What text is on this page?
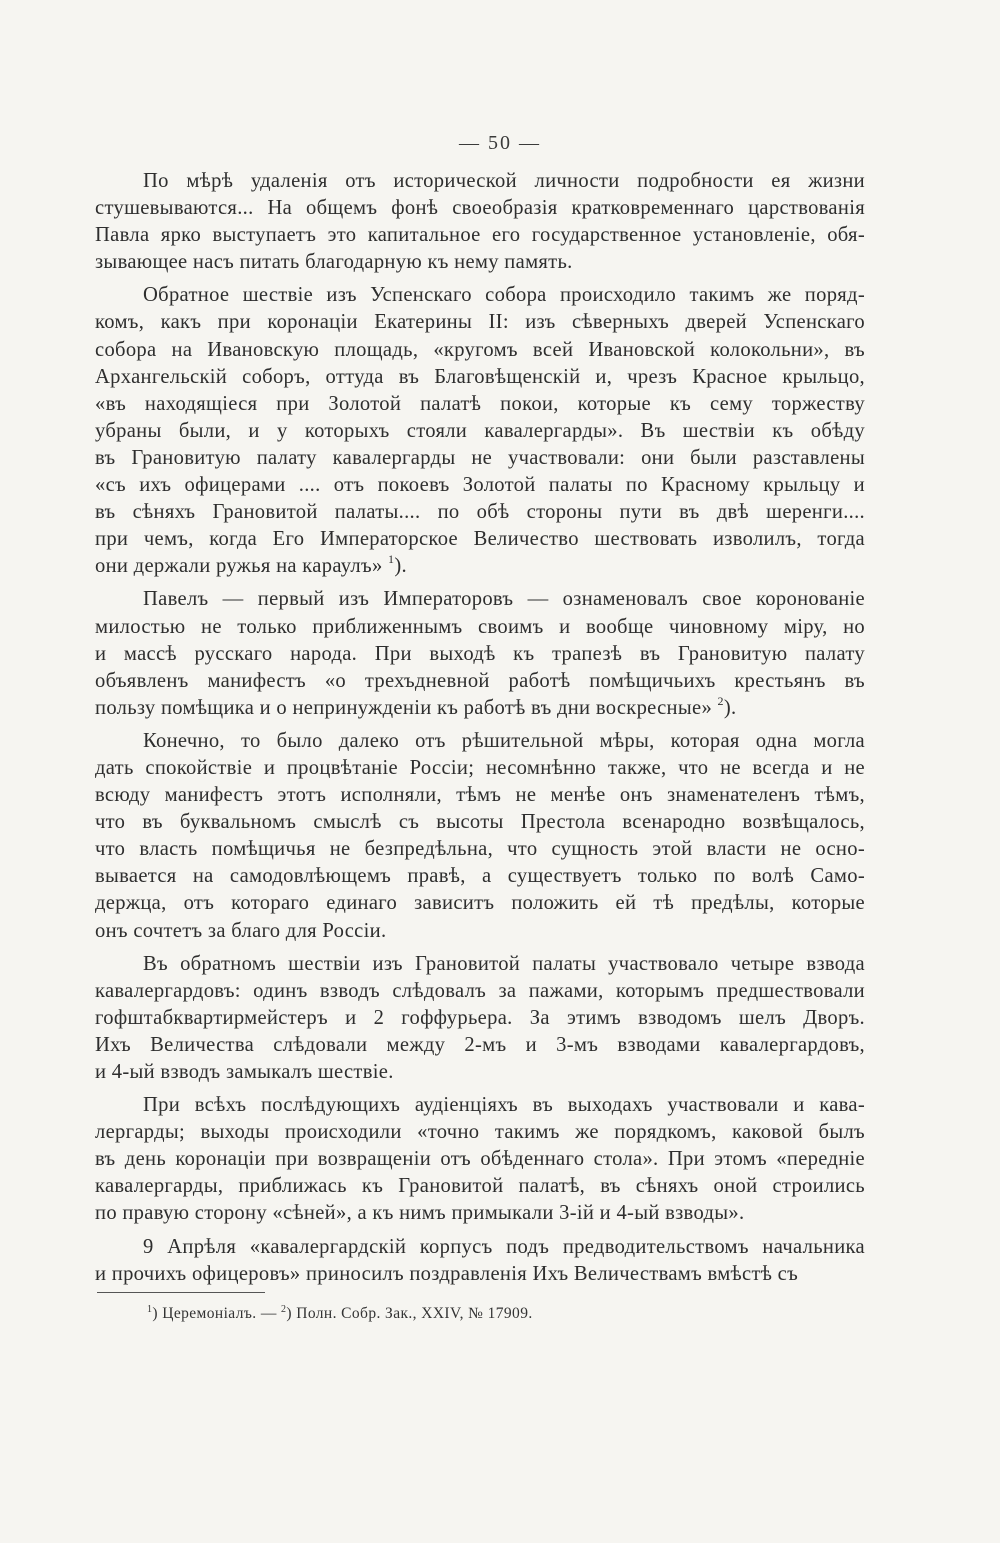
— 50 —

По мѣрѣ удаленія отъ исторической личности подробности ея жизни
стушевываются... На общемъ фонѣ своеобразія кратковременнаго царствованія
Павла ярко выступаетъ это капитальное его государственное установленіе, обя-
зывающее насъ питать благодарную къ нему память.

Обратное шествіе изъ Успенскаго собора происходило такимъ же поряд-
комъ, какъ при коронаціи Екатерины II: изъ сѣверныхъ дверей Успенскаго
собора на Ивановскую площадь, «кругомъ всей Ивановской колокольни», въ
Архангельскій соборъ, оттуда въ Благовѣщенскій и, чрезъ Красное крыльцо,
«въ находящіеся при Золотой палатѣ покои, которые къ сему торжеству
убраны были, и у которыхъ стояли кавалергарды». Въ шествіи къ обѣду
въ Грановитую палату кавалергарды не участвовали: они были разставлены
«съ ихъ офицерами .... отъ покоевъ Золотой палаты по Красному крыльцу и
въ сѣняхъ Грановитой палаты.... по обѣ стороны пути въ двѣ шеренги....
при чемъ, когда Его Императорское Величество шествовать изволилъ, тогда
они держали ружья на караулъ» $^1$).

Павелъ — первый изъ Императоровъ — ознаменовалъ свое коронованіе
милостью не только приближеннымъ своимъ и вообще чиновному міру, но
и массѣ русскаго народа. При выходѣ къ трапезѣ въ Грановитую палату
объявленъ манифестъ «о трехъдневной работѣ помѣщичьихъ крестьянъ въ
пользу помѣщика и о непринужденіи къ работѣ въ дни воскресные» $^2$).

Конечно, то было далеко отъ рѣшительной мѣры, которая одна могла
дать спокойствіе и процвѣтаніе Россіи; несомнѣнно также, что не всегда и не
всюду манифестъ этотъ исполняли, тѣмъ не менѣе онъ знаменателенъ тѣмъ,
что въ буквальномъ смыслѣ съ высоты Престола всенародно возвѣщалось,
что власть помѣщичья не безпредѣльна, что сущность этой власти не осно-
вывается на самодовлѣющемъ правѣ, а существуетъ только по волѣ Само-
держца, отъ котораго единаго зависитъ положить ей тѣ предѣлы, которые
онъ сочтетъ за благо для Россіи.

Въ обратномъ шествіи изъ Грановитой палаты участвовало четыре взвода
кавалергардовъ: одинъ взводъ слѣдовалъ за пажами, которымъ предшествовали
гофштабквартирмейстеръ и 2 гоффурьера. За этимъ взводомъ шелъ Дворъ.
Ихъ Величества слѣдовали между 2-мъ и 3-мъ взводами кавалергардовъ,
и 4-ый взводъ замыкалъ шествіе.

При всѣхъ послѣдующихъ аудіенціяхъ въ выходахъ участвовали и кава-
лергарды; выходы происходили «точно такимъ же порядкомъ, каковой былъ
въ день коронаціи при возвращеніи отъ обѣденнаго стола». При этомъ «передніе
кавалергарды, приближась къ Грановитой палатѣ, въ сѣняхъ оной строились
по правую сторону «сѣней», а къ нимъ примыкали 3-ій и 4-ый взводы».

9 Апрѣля «кавалергардскій корпусъ подъ предводительствомъ начальника
и прочихъ офицеровъ» приносилъ поздравленія Ихъ Величествамъ вмѣстѣ съ

$^1$) Церемоніалъ. — $^2$) Полн. Собр. Зак., XXIV, № 17909.
